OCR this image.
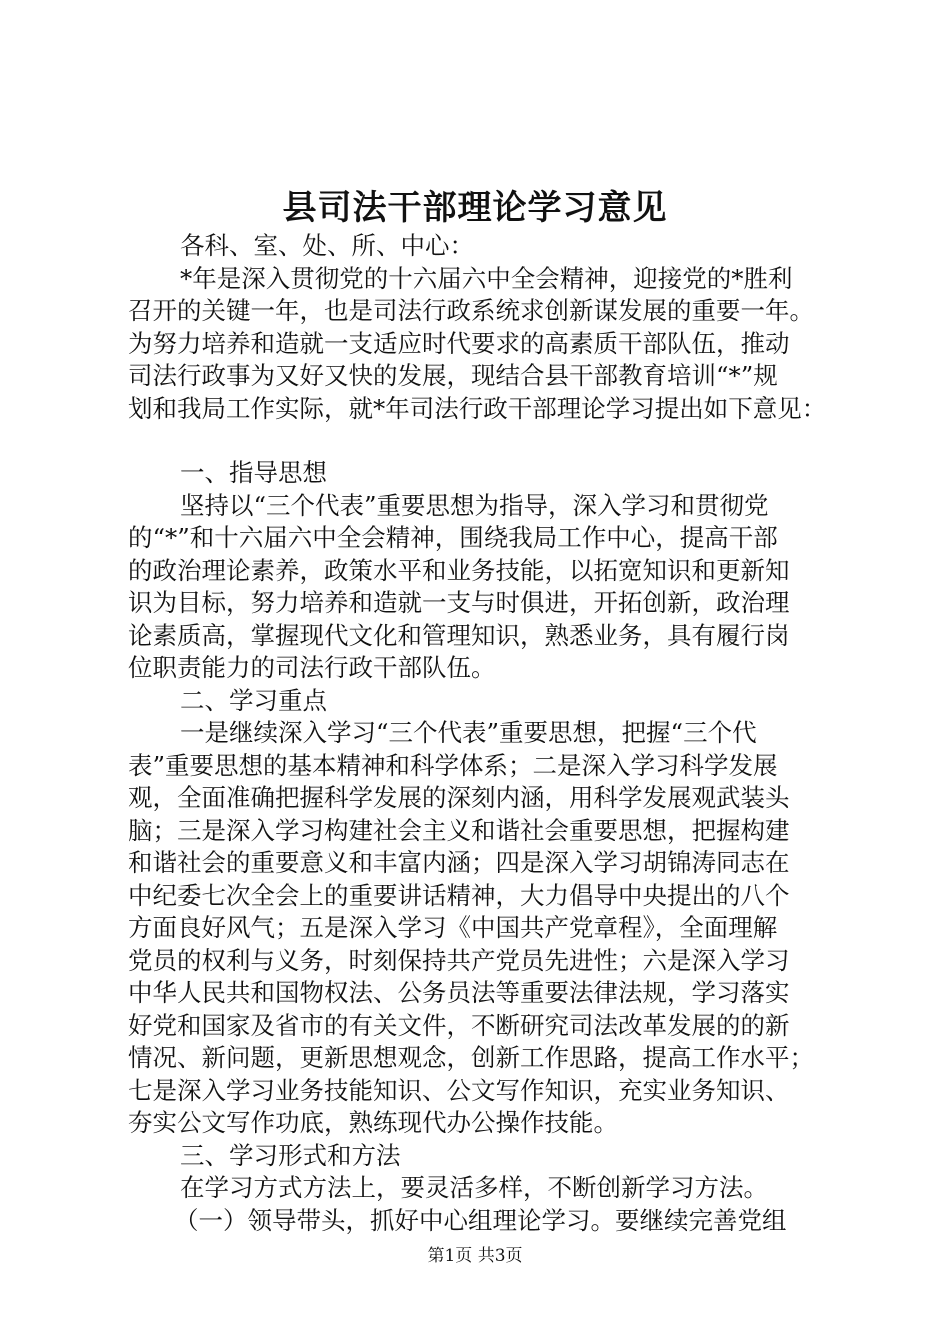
县司法干部理论学习意见
各科、室、处、所、中心：
*年是深入贯彻党的十六届六中全会精神，迎接党的*胜利
召开的关键一年，也是司法行政系统求创新谋发展的重要一年。
为努力培养和造就一支适应时代要求的高素质干部队伍，推动
司法行政事为又好又快的发展，现结合县干部教育培训“*”规
划和我局工作实际，就*年司法行政干部理论学习提出如下意见：
一、指导思想
坚持以“三个代表”重要思想为指导，深入学习和贯彻党
的“*”和十六届六中全会精神，围绕我局工作中心，提高干部
的政治理论素养，政策水平和业务技能，以拓宽知识和更新知
识为目标，努力培养和造就一支与时俱进，开拓创新，政治理
论素质高，掌握现代文化和管理知识，熟悉业务，具有履行岗
位职责能力的司法行政干部队伍。
二、学习重点
一是继续深入学习“三个代表”重要思想，把握“三个代
表”重要思想的基本精神和科学体系；二是深入学习科学发展
观，全面准确把握科学发展的深刻内涵，用科学发展观武装头
脑；三是深入学习构建社会主义和谐社会重要思想，把握构建
和谐社会的重要意义和丰富内涵；四是深入学习胡锦涛同志在
中纪委七次全会上的重要讲话精神，大力倡导中央提出的八个
方面良好风气；五是深入学习《中国共产党章程》，全面理解
党员的权利与义务，时刻保持共产党员先进性；六是深入学习
中华人民共和国物权法、公务员法等重要法律法规，学习落实
好党和国家及省市的有关文件，不断研究司法改革发展的的新
情况、新问题，更新思想观念，创新工作思路，提高工作水平；
七是深入学习业务技能知识、公文写作知识，充实业务知识、
夯实公文写作功底，熟练现代办公操作技能。
三、学习形式和方法
在学习方式方法上，要灵活多样，不断创新学习方法。
（一）领导带头，抓好中心组理论学习。要继续完善党组
第1页 共3页
